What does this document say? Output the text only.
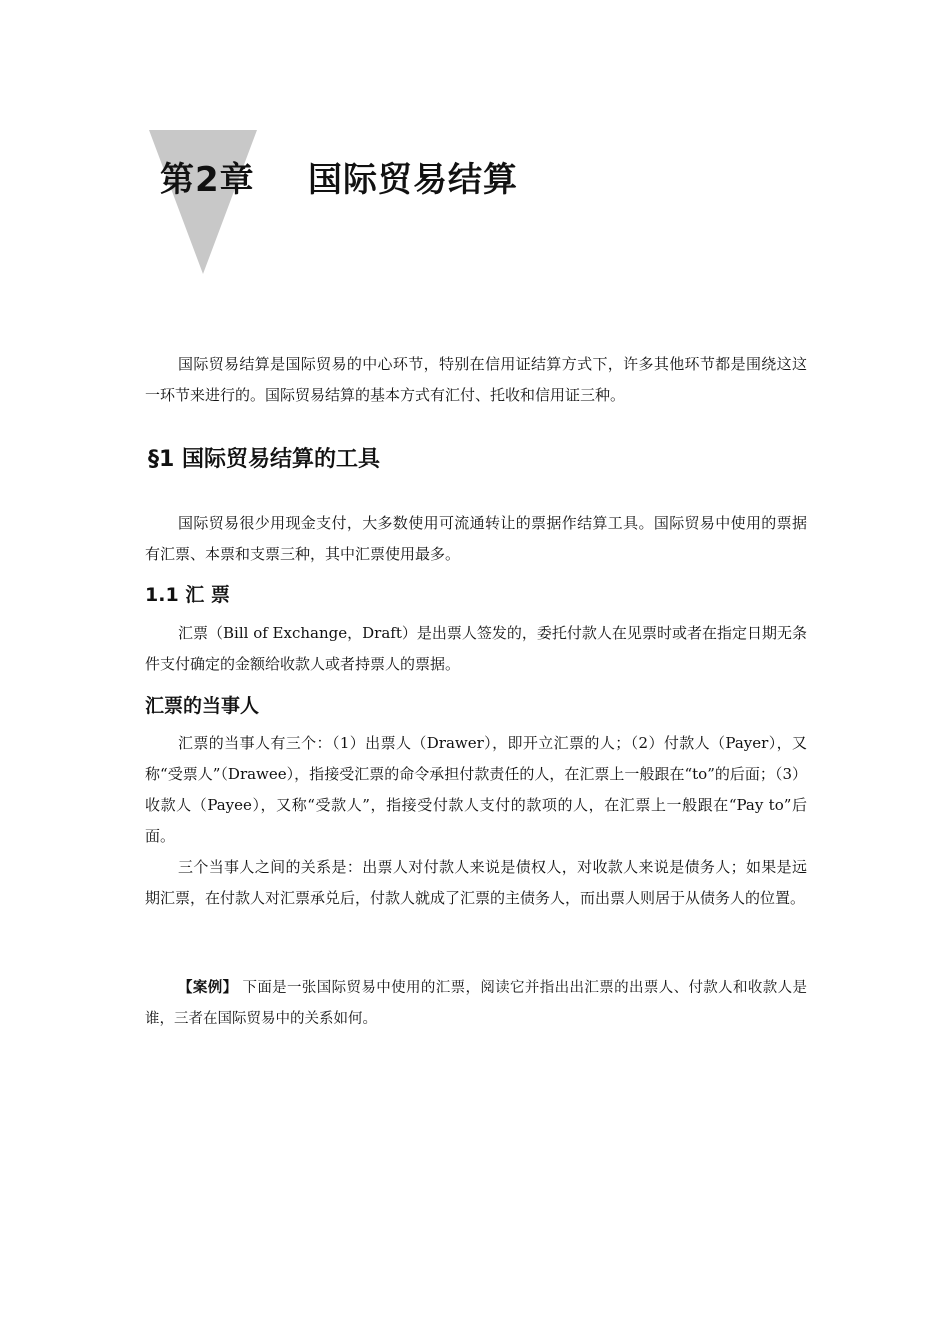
第2章 国际贸易结算

国际贸易结算是国际贸易的中心环节，特别在信用证结算方式下，许多其他环节都是围绕这这一环节来进行的。国际贸易结算的基本方式有汇付、托收和信用证三种。

§1 国际贸易结算的工具

国际贸易很少用现金支付，大多数使用可流通转让的票据作结算工具。国际贸易中使用的票据有汇票、本票和支票三种，其中汇票使用最多。

1.1 汇 票

汇票（Bill of Exchange，Draft）是出票人签发的，委托付款人在见票时或者在指定日期无条件支付确定的金额给收款人或者持票人的票据。

汇票的当事人

汇票的当事人有三个：（1）出票人（Drawer），即开立汇票的人；（2）付款人（Payer），又称“受票人”（Drawee），指接受汇票的命令承担付款责任的人，在汇票上一般跟在“to”的后面；（3）收款人（Payee），又称“受款人”，指接受付款人支付的款项的人，在汇票上一般跟在“Pay to”后面。

三个当事人之间的关系是：出票人对付款人来说是债权人，对收款人来说是债务人；如果是远期汇票，在付款人对汇票承兑后，付款人就成了汇票的主债务人，而出票人则居于从债务人的位置。

【案例】 下面是一张国际贸易中使用的汇票，阅读它并指出出汇票的出票人、付款人和收款人是谁，三者在国际贸易中的关系如何。
